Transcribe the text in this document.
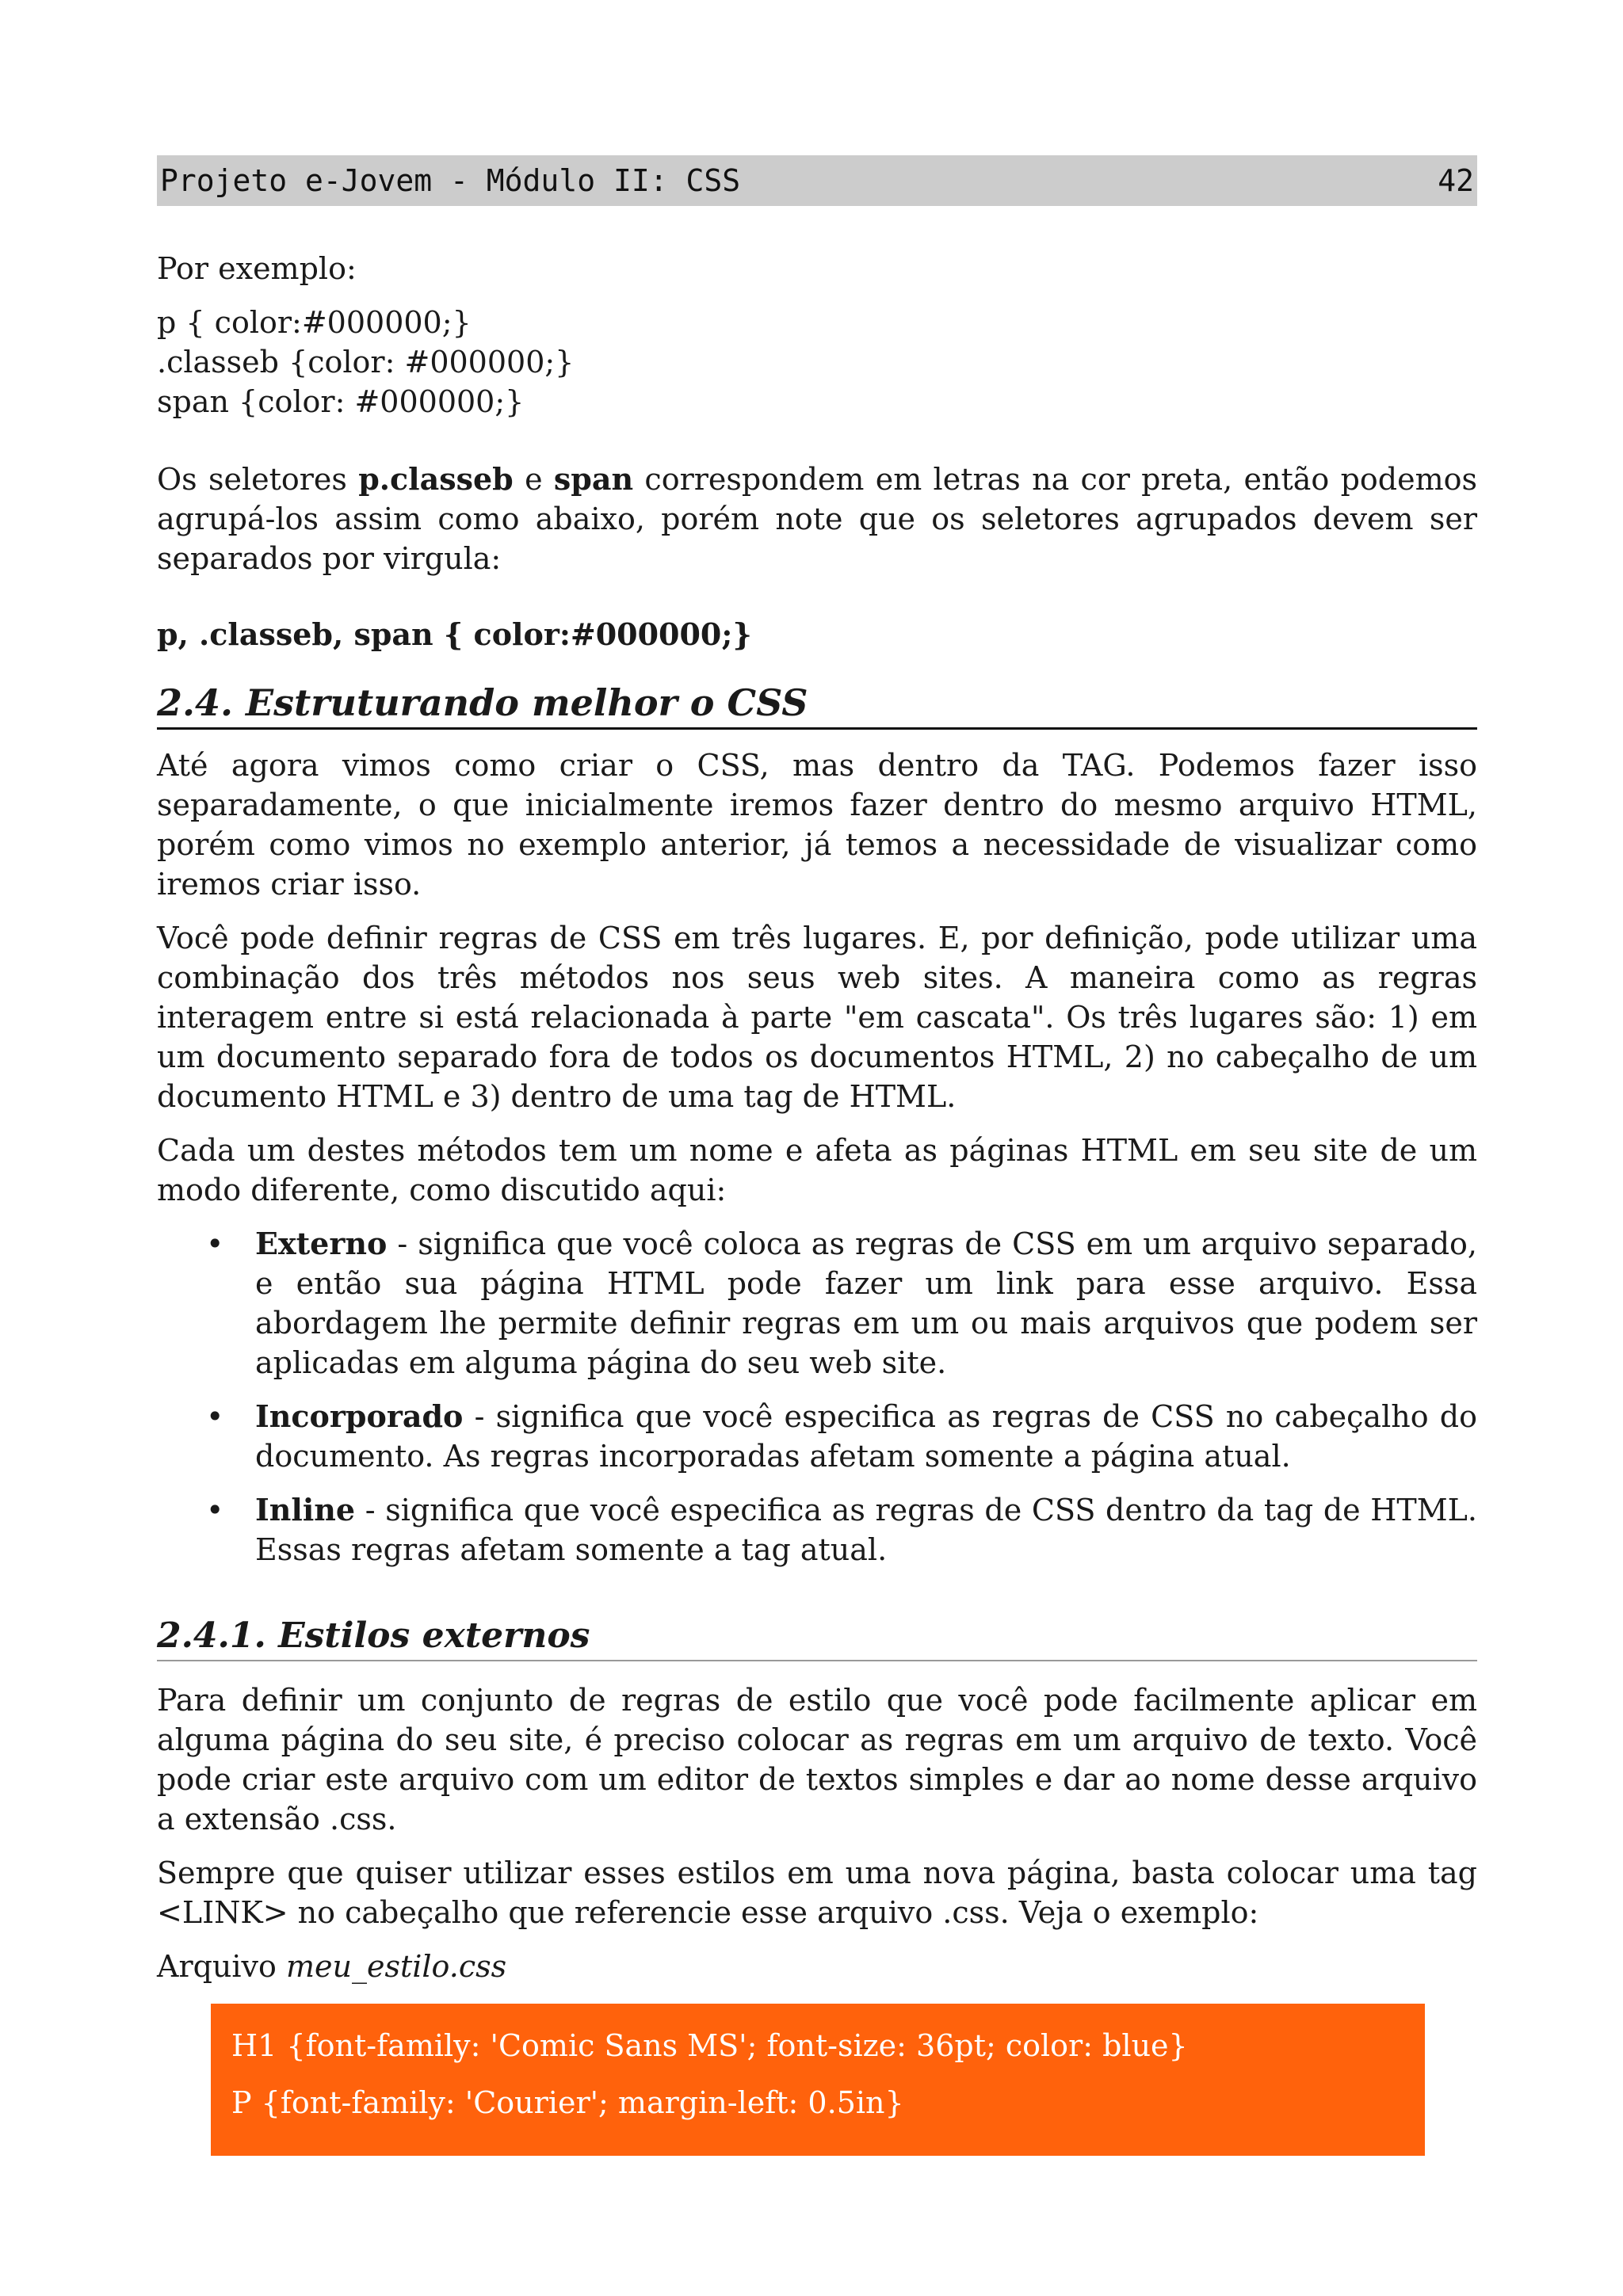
Projeto e-Jovem - Módulo II: CSS	42

Por exemplo:

p { color:#000000;}
.classeb {color: #000000;}
span {color: #000000;}

Os seletores p.classeb e span correspondem em letras na cor preta, então podemos agrupá-los assim como abaixo, porém note que os seletores agrupados devem ser separados por virgula:

p, .classeb, span { color:#000000;}

2.4. Estruturando melhor o CSS

Até agora vimos como criar o CSS, mas dentro da TAG. Podemos fazer isso separadamente, o que inicialmente iremos fazer dentro do mesmo arquivo HTML, porém como vimos no exemplo anterior, já temos a necessidade de visualizar como iremos criar isso.

Você pode definir regras de CSS em três lugares. E, por definição, pode utilizar uma combinação dos três métodos nos seus web sites. A maneira como as regras interagem entre si está relacionada à parte "em cascata". Os três lugares são: 1) em um documento separado fora de todos os documentos HTML, 2) no cabeçalho de um documento HTML e 3) dentro de uma tag de HTML.

Cada um destes métodos tem um nome e afeta as páginas HTML em seu site de um modo diferente, como discutido aqui:

• Externo - significa que você coloca as regras de CSS em um arquivo separado, e então sua página HTML pode fazer um link para esse arquivo. Essa abordagem lhe permite definir regras em um ou mais arquivos que podem ser aplicadas em alguma página do seu web site.
• Incorporado - significa que você especifica as regras de CSS no cabeçalho do documento. As regras incorporadas afetam somente a página atual.
• Inline - significa que você especifica as regras de CSS dentro da tag de HTML. Essas regras afetam somente a tag atual.
2.4.1. Estilos externos

Para definir um conjunto de regras de estilo que você pode facilmente aplicar em alguma página do seu site, é preciso colocar as regras em um arquivo de texto. Você pode criar este arquivo com um editor de textos simples e dar ao nome desse arquivo a extensão .css.

Sempre que quiser utilizar esses estilos em uma nova página, basta colocar uma tag <LINK> no cabeçalho que referencie esse arquivo .css. Veja o exemplo:

Arquivo meu_estilo.css

H1 {font-family: 'Comic Sans MS'; font-size: 36pt; color: blue}
P {font-family: 'Courier'; margin-left: 0.5in}
